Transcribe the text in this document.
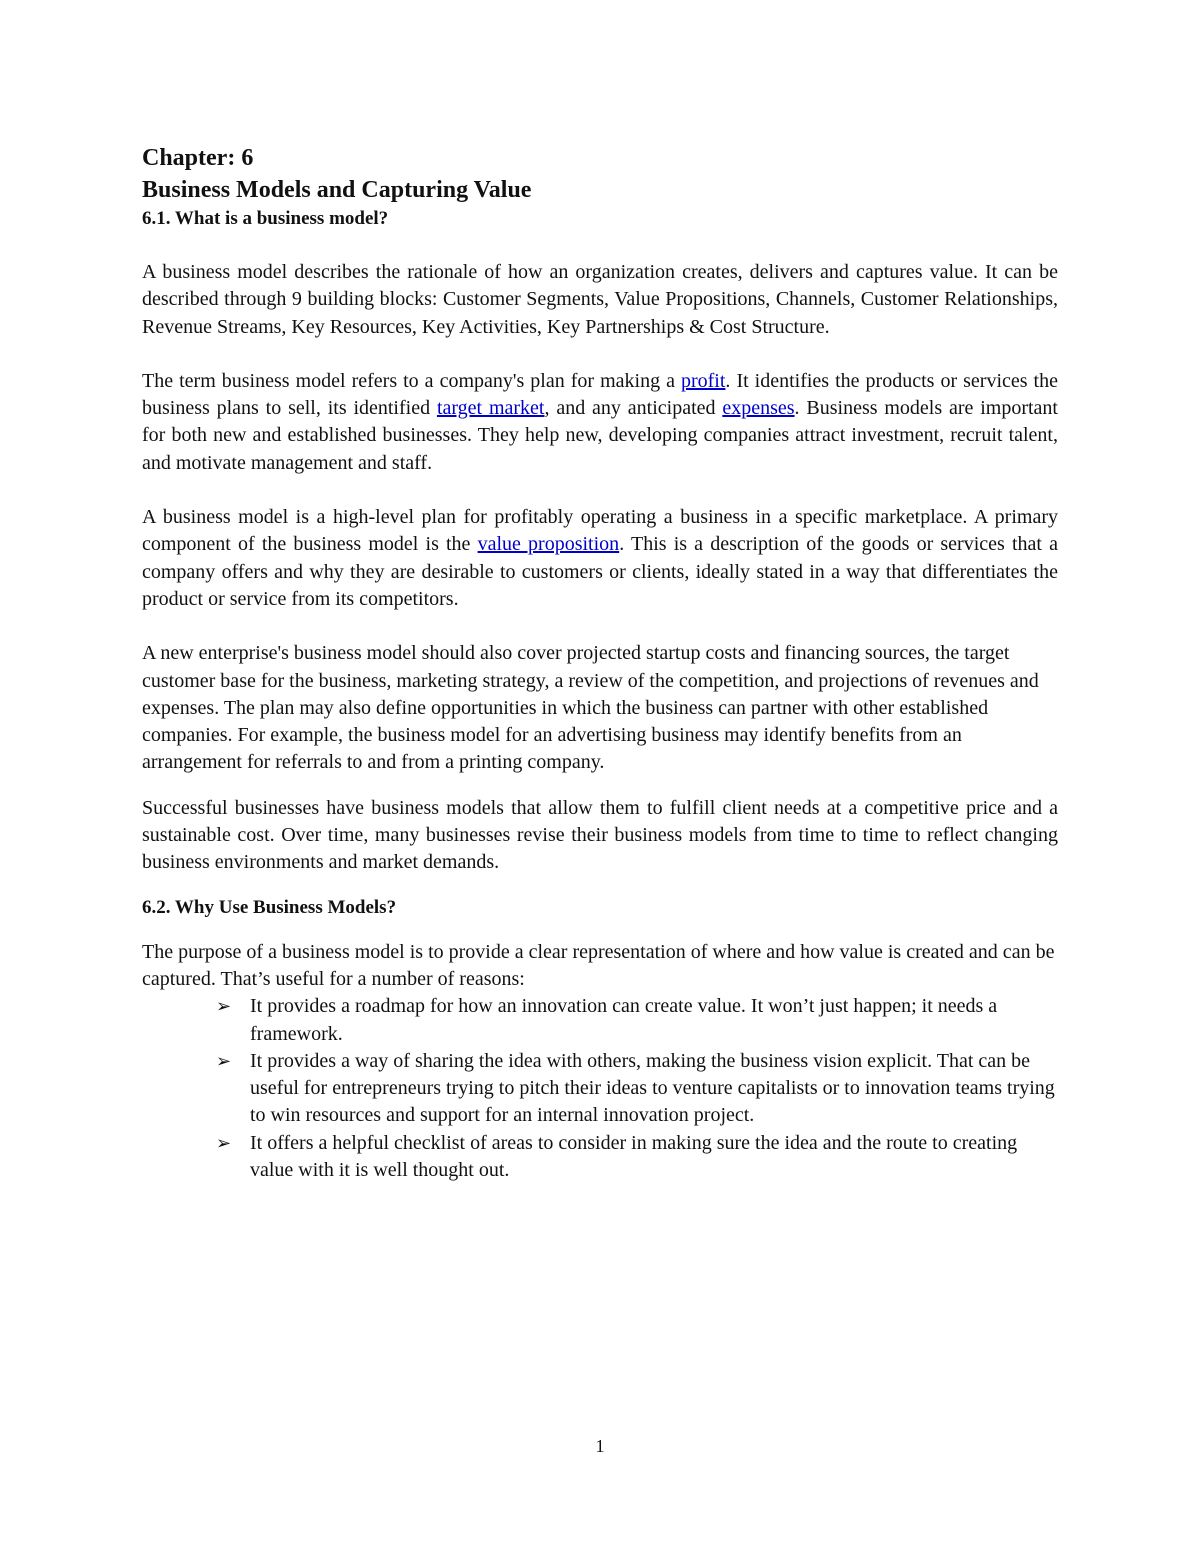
Chapter: 6
Business Models and Capturing Value
6.1. What is a business model?

A business model describes the rationale of how an organization creates, delivers and captures value. It can be described through 9 building blocks: Customer Segments, Value Propositions, Channels, Customer Relationships, Revenue Streams, Key Resources, Key Activities, Key Partnerships & Cost Structure.

The term business model refers to a company's plan for making a profit. It identifies the products or services the business plans to sell, its identified target market, and any anticipated expenses. Business models are important for both new and established businesses. They help new, developing companies attract investment, recruit talent, and motivate management and staff.

A business model is a high-level plan for profitably operating a business in a specific marketplace. A primary component of the business model is the value proposition. This is a description of the goods or services that a company offers and why they are desirable to customers or clients, ideally stated in a way that differentiates the product or service from its competitors.

A new enterprise's business model should also cover projected startup costs and financing sources, the target customer base for the business, marketing strategy, a review of the competition, and projections of revenues and expenses. The plan may also define opportunities in which the business can partner with other established companies. For example, the business model for an advertising business may identify benefits from an arrangement for referrals to and from a printing company.

Successful businesses have business models that allow them to fulfill client needs at a competitive price and a sustainable cost. Over time, many businesses revise their business models from time to time to reflect changing business environments and market demands.

6.2. Why Use Business Models?

The purpose of a business model is to provide a clear representation of where and how value is created and can be captured. That’s useful for a number of reasons:

➢ It provides a roadmap for how an innovation can create value. It won’t just happen; it needs a framework.
➢ It provides a way of sharing the idea with others, making the business vision explicit. That can be useful for entrepreneurs trying to pitch their ideas to venture capitalists or to innovation teams trying to win resources and support for an internal innovation project.
➢ It offers a helpful checklist of areas to consider in making sure the idea and the route to creating value with it is well thought out.
1
